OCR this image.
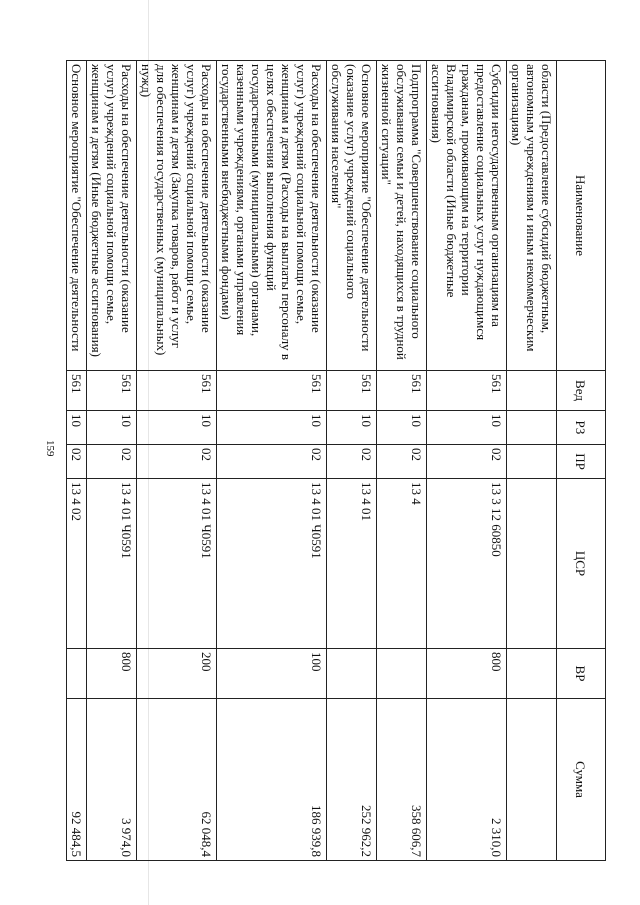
159
Наименование	Вед	РЗ	ПР	ЦСР	ВР	Сумма
области (Предоставление субсидий бюджетным, автономным учреждениям и иным некоммерческим организациям)						
Субсидии негосударственным организациям на предоставление социальных услуг нуждающимся гражданам, проживающим на территории Владимирской области (Иные бюджетные ассигнования)	561	10	02	13 3 12 60850	800	2 310,0
Подпрограмма "Совершенствование социального обслуживания семьи и детей, находящихся в трудной жизненной ситуации"	561	10	02	13 4		358 606,7
Основное мероприятие "Обеспечение деятельности (оказание услуг) учреждений социального обслуживания населения"	561	10	02	13 4 01		252 962,2
Расходы на обеспечение деятельности (оказание услуг) учреждений социальной помощи семье, женщинам и детям (Расходы на выплаты персоналу в целях обеспечения выполнения функций государственными (муниципальными) органами, казенными учреждениями, органами управления государственными внебюджетными фондами)	561	10	02	13 4 01 Ч0591	100	186 939,8
Расходы на обеспечение деятельности (оказание услуг) учреждений социальной помощи семье, женщинам и детям (Закупка товаров, работ и услуг для обеспечения государственных (муниципальных) нужд)	561	10	02	13 4 01 Ч0591	200	62 048,4
Расходы на обеспечение деятельности (оказание услуг) учреждений социальной помощи семье, женщинам и детям (Иные бюджетные ассигнования)	561	10	02	13 4 01 Ч0591	800	3 974,0
Основное мероприятие "Обеспечение деятельности	561	10	02	13 4 02		92 484,5
